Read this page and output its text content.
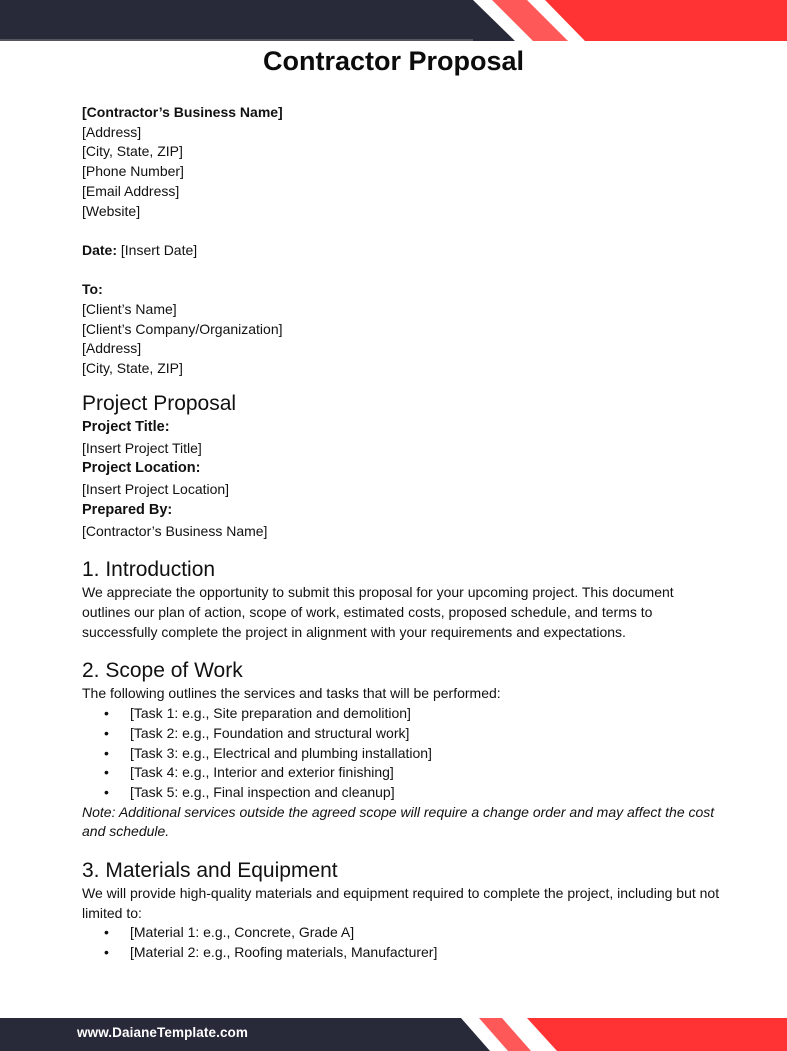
Contractor Proposal
[Contractor’s Business Name]
[Address]
[City, State, ZIP]
[Phone Number]
[Email Address]
[Website]
Date: [Insert Date]
To:
[Client’s Name]
[Client’s Company/Organization]
[Address]
[City, State, ZIP]
Project Proposal
Project Title:
[Insert Project Title]
Project Location:
[Insert Project Location]
Prepared By:
[Contractor’s Business Name]
1. Introduction

We appreciate the opportunity to submit this proposal for your upcoming project. This document outlines our plan of action, scope of work, estimated costs, proposed schedule, and terms to successfully complete the project in alignment with your requirements and expectations.

2. Scope of Work

The following outlines the services and tasks that will be performed:

• [Task 1: e.g., Site preparation and demolition]
• [Task 2: e.g., Foundation and structural work]
• [Task 3: e.g., Electrical and plumbing installation]
• [Task 4: e.g., Interior and exterior finishing]
• [Task 5: e.g., Final inspection and cleanup]

Note: Additional services outside the agreed scope will require a change order and may affect the cost and schedule.

3. Materials and Equipment

We will provide high-quality materials and equipment required to complete the project, including but not limited to:

• [Material 1: e.g., Concrete, Grade A]
• [Material 2: e.g., Roofing materials, Manufacturer]
www.DaianeTemplate.com
